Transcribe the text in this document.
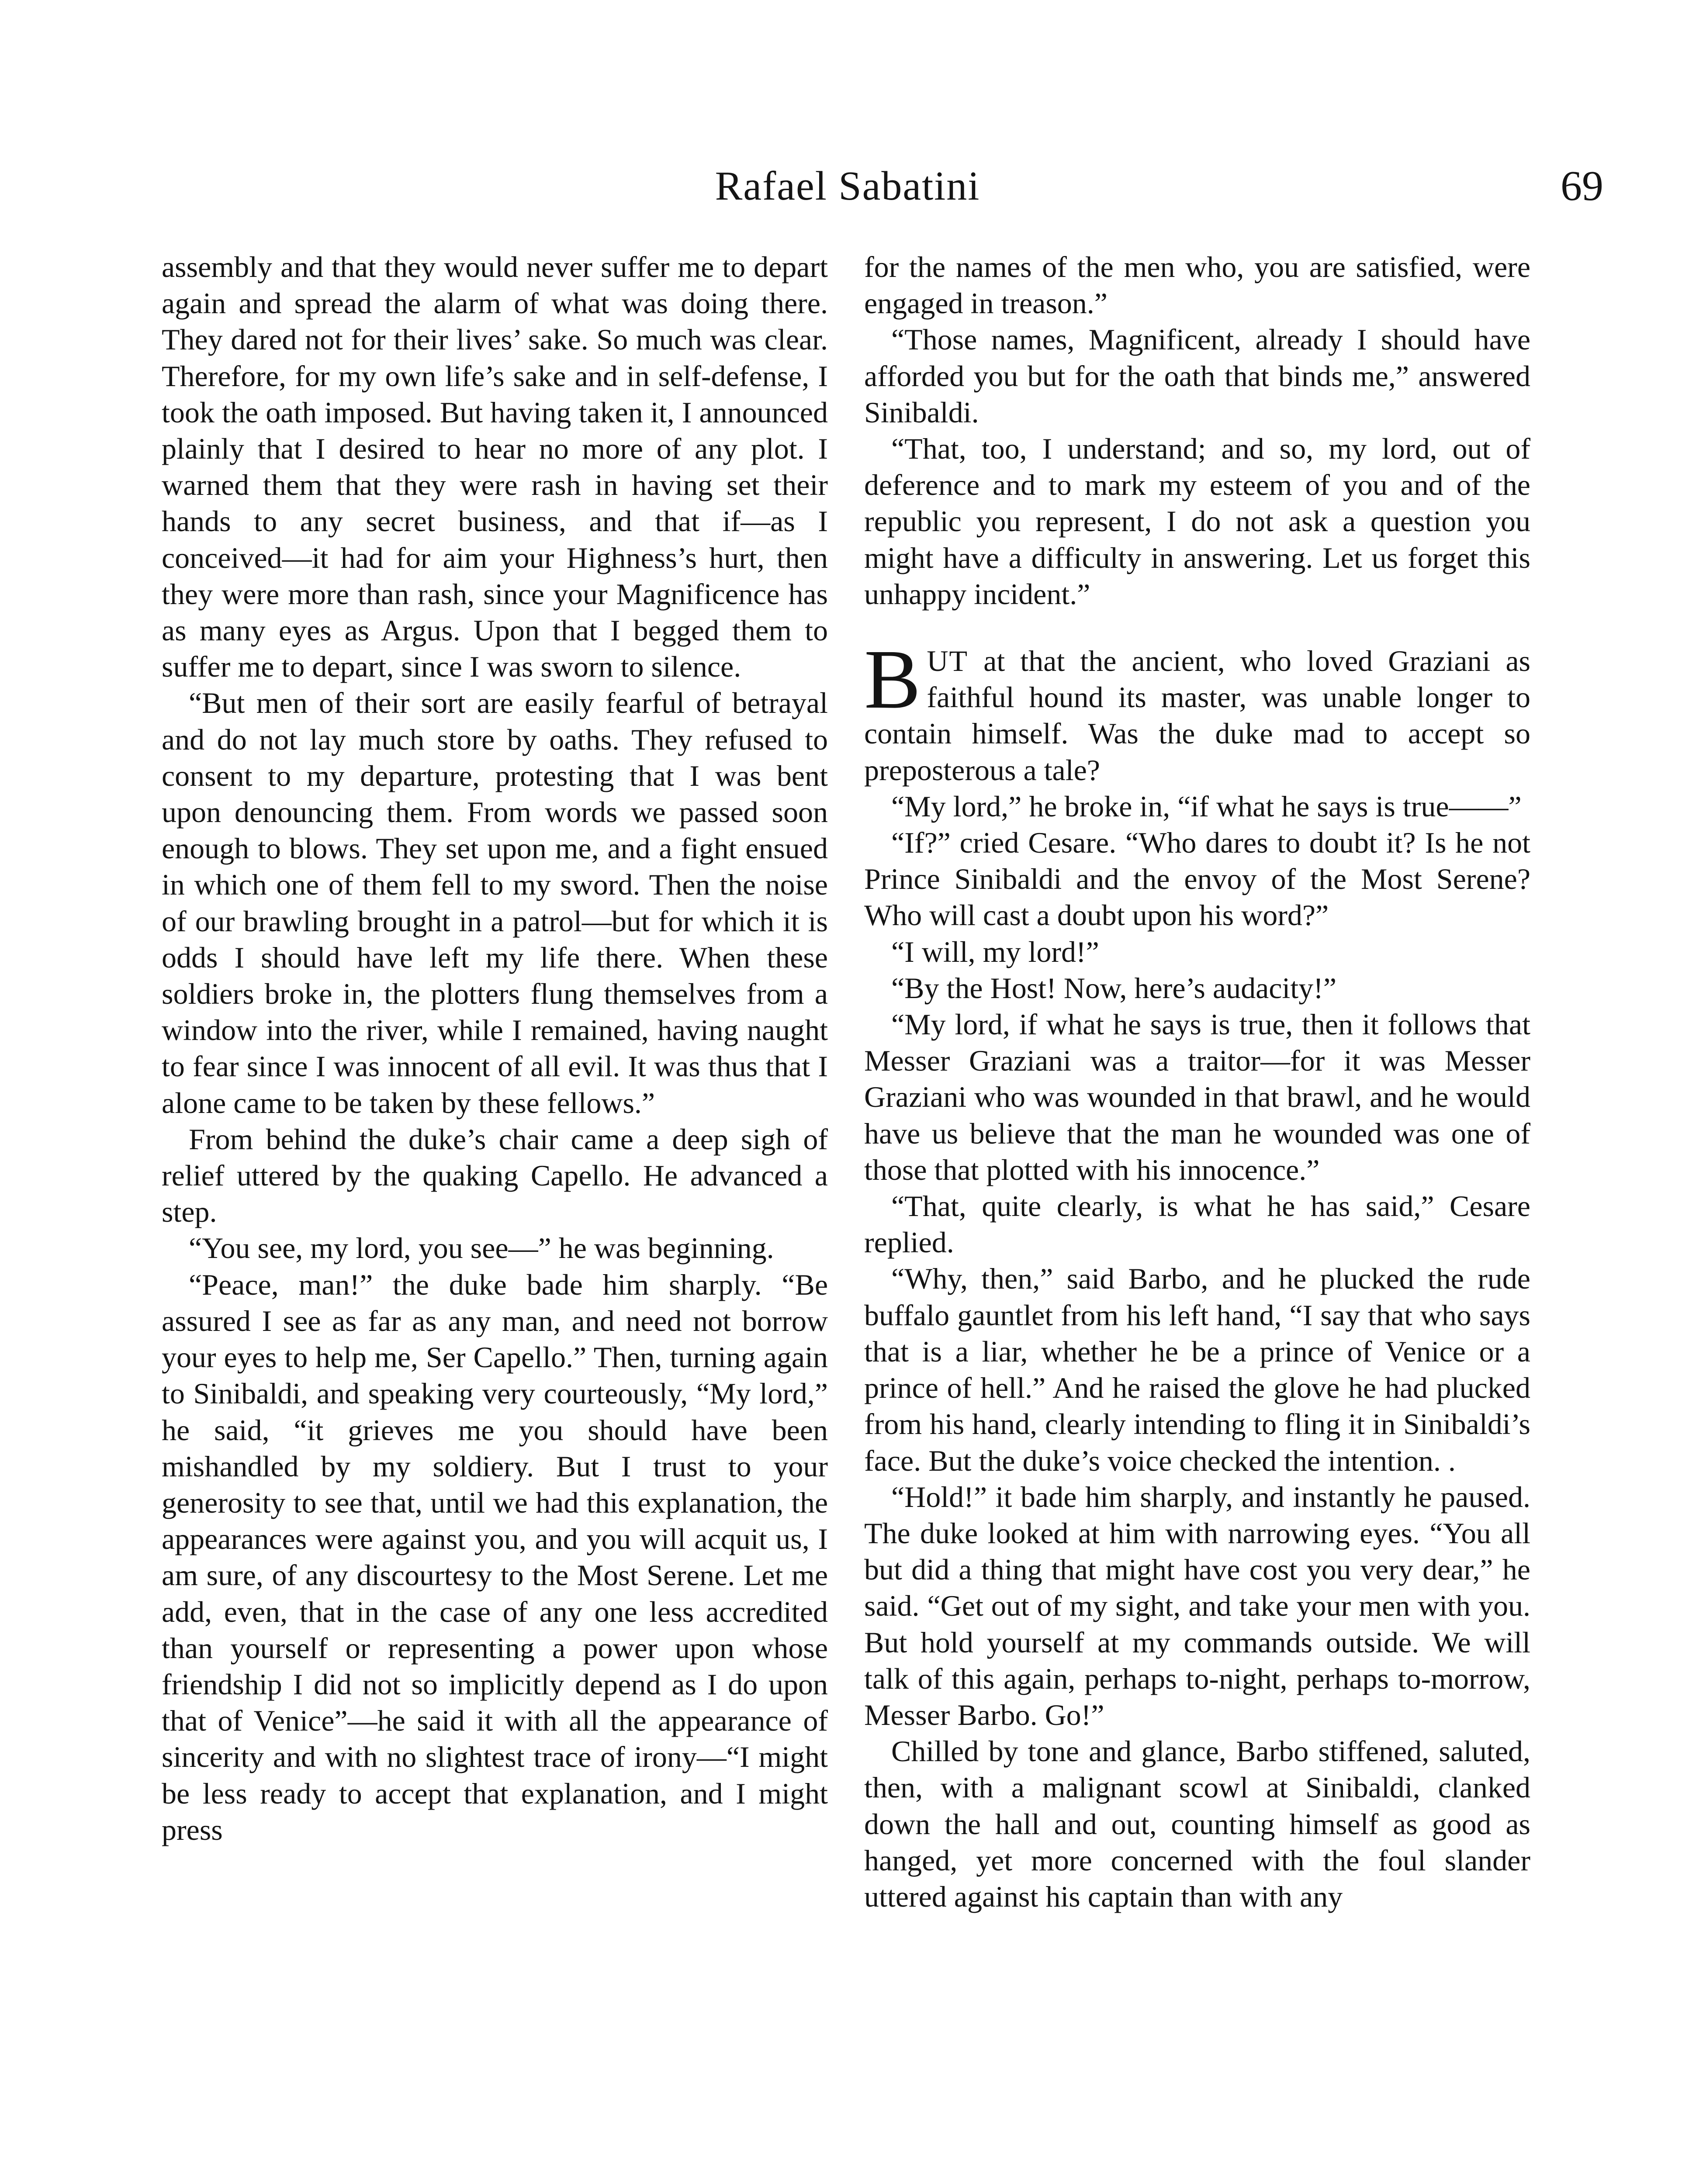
Rafael Sabatini	69

assembly and that they would never suffer me to depart again and spread the alarm of what was doing there. They dared not for their lives’ sake. So much was clear. Therefore, for my own life’s sake and in self-defense, I took the oath imposed. But having taken it, I announced plainly that I desired to hear no more of any plot. I warned them that they were rash in having set their hands to any secret business, and that if—as I conceived—it had for aim your Highness’s hurt, then they were more than rash, since your Magnificence has as many eyes as Argus. Upon that I begged them to suffer me to depart, since I was sworn to silence.

“But men of their sort are easily fearful of betrayal and do not lay much store by oaths. They refused to consent to my departure, protesting that I was bent upon denouncing them. From words we passed soon enough to blows. They set upon me, and a fight ensued in which one of them fell to my sword. Then the noise of our brawling brought in a patrol—but for which it is odds I should have left my life there. When these soldiers broke in, the plotters flung themselves from a window into the river, while I remained, having naught to fear since I was innocent of all evil. It was thus that I alone came to be taken by these fellows.”

From behind the duke’s chair came a deep sigh of relief uttered by the quaking Capello. He advanced a step.

“You see, my lord, you see—” he was beginning.

“Peace, man!” the duke bade him sharply. “Be assured I see as far as any man, and need not borrow your eyes to help me, Ser Capello.” Then, turning again to Sinibaldi, and speaking very courteously, “My lord,” he said, “it grieves me you should have been mishandled by my soldiery. But I trust to your generosity to see that, until we had this explanation, the appearances were against you, and you will acquit us, I am sure, of any discourtesy to the Most Serene. Let me add, even, that in the case of any one less accredited than yourself or representing a power upon whose friendship I did not so implicitly depend as I do upon that of Venice”—he said it with all the appearance of sincerity and with no slightest trace of irony—“I might be less ready to accept that explanation, and I might press

for the names of the men who, you are satisfied, were engaged in treason.”

“Those names, Magnificent, already I should have afforded you but for the oath that binds me,” answered Sinibaldi.

“That, too, I understand; and so, my lord, out of deference and to mark my esteem of you and of the republic you represent, I do not ask a question you might have a difficulty in answering. Let us forget this unhappy incident.”

BUT at that the ancient, who loved Graziani as faithful hound its master, was unable longer to contain himself. Was the duke mad to accept so preposterous a tale?

“My lord,” he broke in, “if what he says is true——”

“If?” cried Cesare. “Who dares to doubt it? Is he not Prince Sinibaldi and the envoy of the Most Serene? Who will cast a doubt upon his word?”

“I will, my lord!”

“By the Host! Now, here’s audacity!”

“My lord, if what he says is true, then it follows that Messer Graziani was a traitor—for it was Messer Graziani who was wounded in that brawl, and he would have us believe that the man he wounded was one of those that plotted with his innocence.”

“That, quite clearly, is what he has said,” Cesare replied.

“Why, then,” said Barbo, and he plucked the rude buffalo gauntlet from his left hand, “I say that who says that is a liar, whether he be a prince of Venice or a prince of hell.” And he raised the glove he had plucked from his hand, clearly intending to fling it in Sinibaldi’s face. But the duke’s voice checked the intention. .

“Hold!” it bade him sharply, and instantly he paused. The duke looked at him with narrowing eyes. “You all but did a thing that might have cost you very dear,” he said. “Get out of my sight, and take your men with you. But hold yourself at my commands outside. We will talk of this again, perhaps to-night, perhaps to-morrow, Messer Barbo. Go!”

Chilled by tone and glance, Barbo stiffened, saluted, then, with a malignant scowl at Sinibaldi, clanked down the hall and out, counting himself as good as hanged, yet more concerned with the foul slander uttered against his captain than with any
